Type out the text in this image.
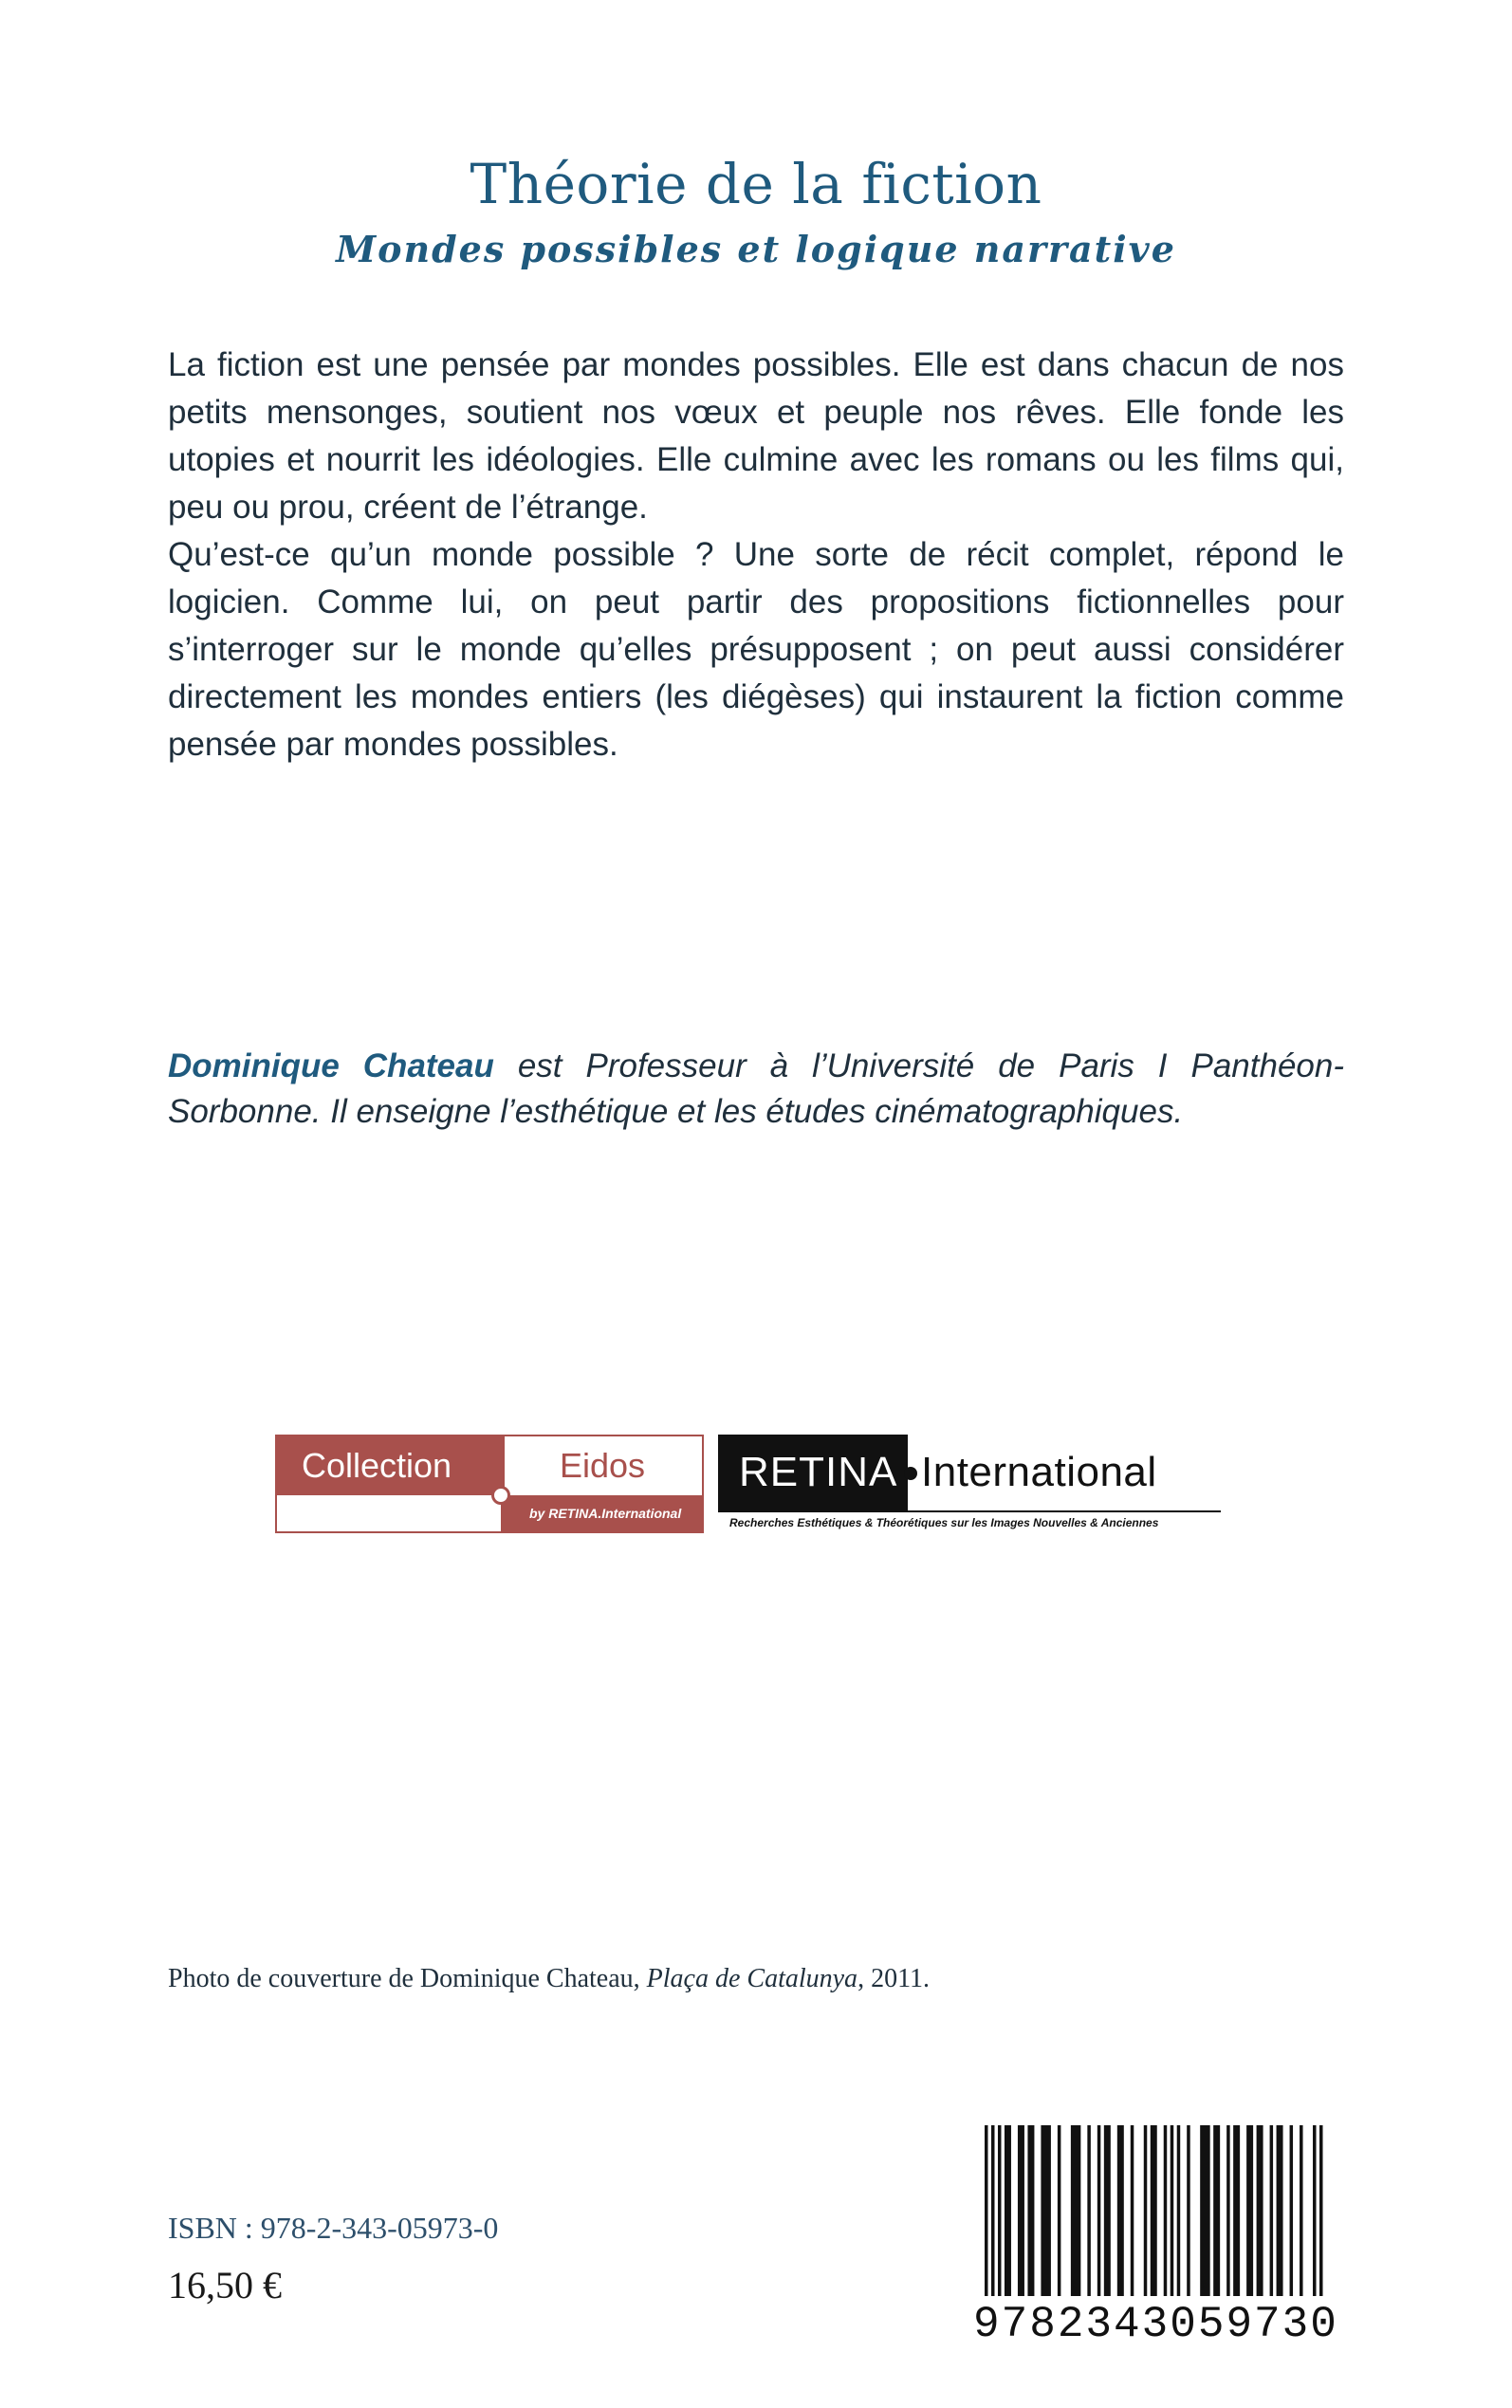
Théorie de la fiction
Mondes possibles et logique narrative

La fiction est une pensée par mondes possibles. Elle est dans chacun de nos petits mensonges, soutient nos vœux et peuple nos rêves. Elle fonde les utopies et nourrit les idéologies. Elle culmine avec les romans ou les films qui, peu ou prou, créent de l’étrange.

Qu’est-ce qu’un monde possible ? Une sorte de récit complet, répond le logicien. Comme lui, on peut partir des propositions fictionnelles pour s’interroger sur le monde qu’elles présupposent ; on peut aussi considérer directement les mondes entiers (les diégèses) qui instaurent la fiction comme pensée par mondes possibles.

Dominique Chateau est Professeur à l’Université de Paris I Panthéon-Sorbonne. Il enseigne l’esthétique et les études cinématographiques.
Collection	Eidos
by RETINA.International
RETINA International
Recherches Esthétiques & Théorétiques sur les Images Nouvelles & Anciennes
Photo de couverture de Dominique Chateau, Plaça de Catalunya, 2011.
ISBN : 978-2-343-05973-0
16,50 €
9782343059730
